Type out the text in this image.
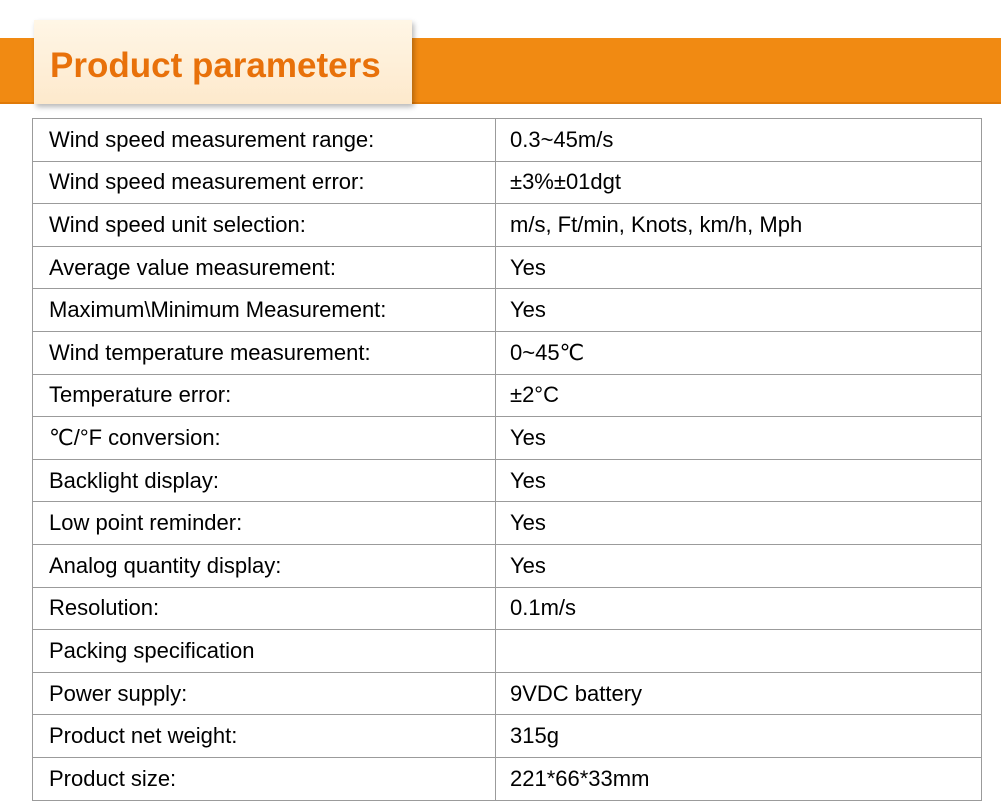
Product parameters
Wind speed measurement range:	0.3~45m/s
Wind speed measurement error:	±3%±01dgt
Wind speed unit selection:	m/s, Ft/min, Knots, km/h, Mph
Average value measurement:	Yes
Maximum\Minimum Measurement:	Yes
Wind temperature measurement:	0~45℃
Temperature error:	±2°C
℃/°F conversion:	Yes
Backlight display:	Yes
Low point reminder:	Yes
Analog quantity display:	Yes
Resolution:	0.1m/s
Packing specification	
Power supply:	9VDC battery
Product net weight:	315g
Product size:	221*66*33mm
